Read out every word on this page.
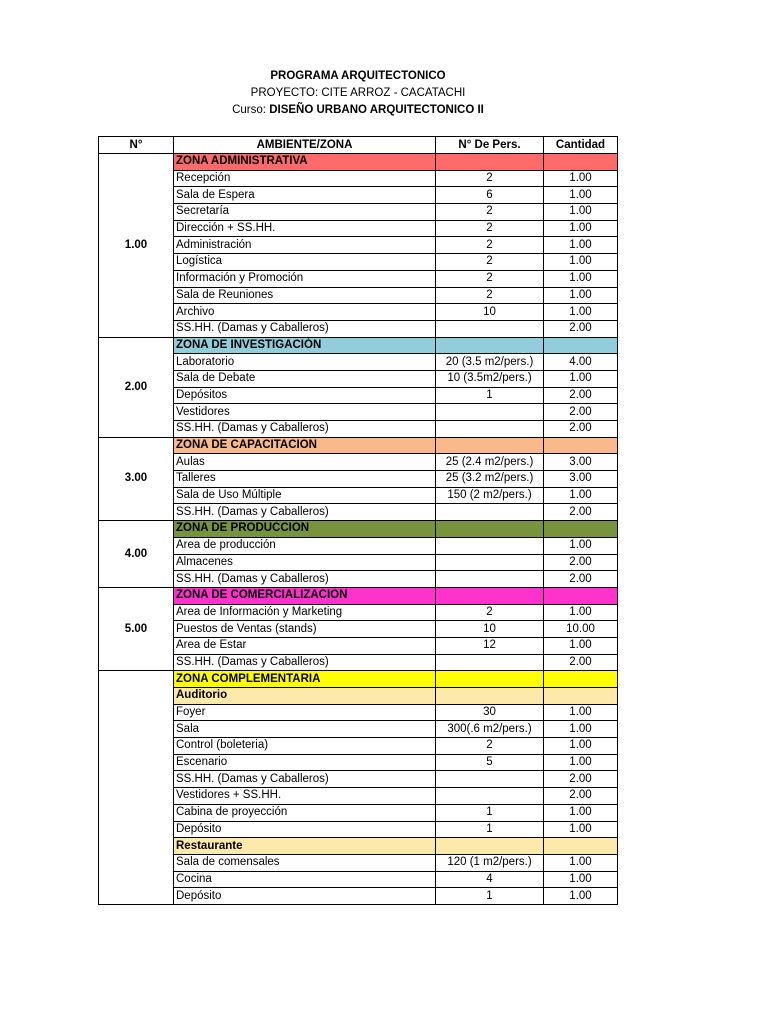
PROGRAMA ARQUITECTONICO
PROYECTO: CITE ARROZ - CACATACHI
Curso: DISEÑO URBANO ARQUITECTONICO II
N°	AMBIENTE/ZONA	N° De Pers.	Cantidad
1.00	ZONA ADMINISTRATIVA		
	Recepción	2	1.00
	Sala de Espera	6	1.00
	Secretaría	2	1.00
	Dirección + SS.HH.	2	1.00
	Administración	2	1.00
	Logística	2	1.00
	Información y Promoción	2	1.00
	Sala de Reuniones	2	1.00
	Archivo	10	1.00
	SS.HH. (Damas y Caballeros)		2.00
2.00	ZONA DE INVESTIGACIÓN		
	Laboratorio	20 (3.5 m2/pers.)	4.00
	Sala de Debate	10 (3.5m2/pers.)	1.00
	Depósitos	1	2.00
	Vestidores		2.00
	SS.HH. (Damas y Caballeros)		2.00
3.00	ZONA DE CAPACITACION		
	Aulas	25 (2.4 m2/pers.)	3.00
	Talleres	25 (3.2 m2/pers.)	3.00
	Sala de Uso Múltiple	150 (2 m2/pers.)	1.00
	SS.HH. (Damas y Caballeros)		2.00
4.00	ZONA DE PRODUCCION		
	Area de producción		1.00
	Almacenes		2.00
	SS.HH. (Damas y Caballeros)		2.00
5.00	ZONA DE COMERCIALIZACION		
	Area de Información y Marketing	2	1.00
	Puestos de Ventas (stands)	10	10.00
	Area de Estar	12	1.00
	SS.HH. (Damas y Caballeros)		2.00
	ZONA COMPLEMENTARIA		
	Auditorio		
	Foyer	30	1.00
	Sala	300(.6 m2/pers.)	1.00
	Control (boleteria)	2	1.00
	Escenario	5	1.00
	SS.HH. (Damas y Caballeros)		2.00
	Vestidores + SS.HH.		2.00
	Cabina de proyección	1	1.00
	Depósito	1	1.00
	Restaurante		
	Sala de comensales	120 (1 m2/pers.)	1.00
	Cocina	4	1.00
	Depósito	1	1.00
